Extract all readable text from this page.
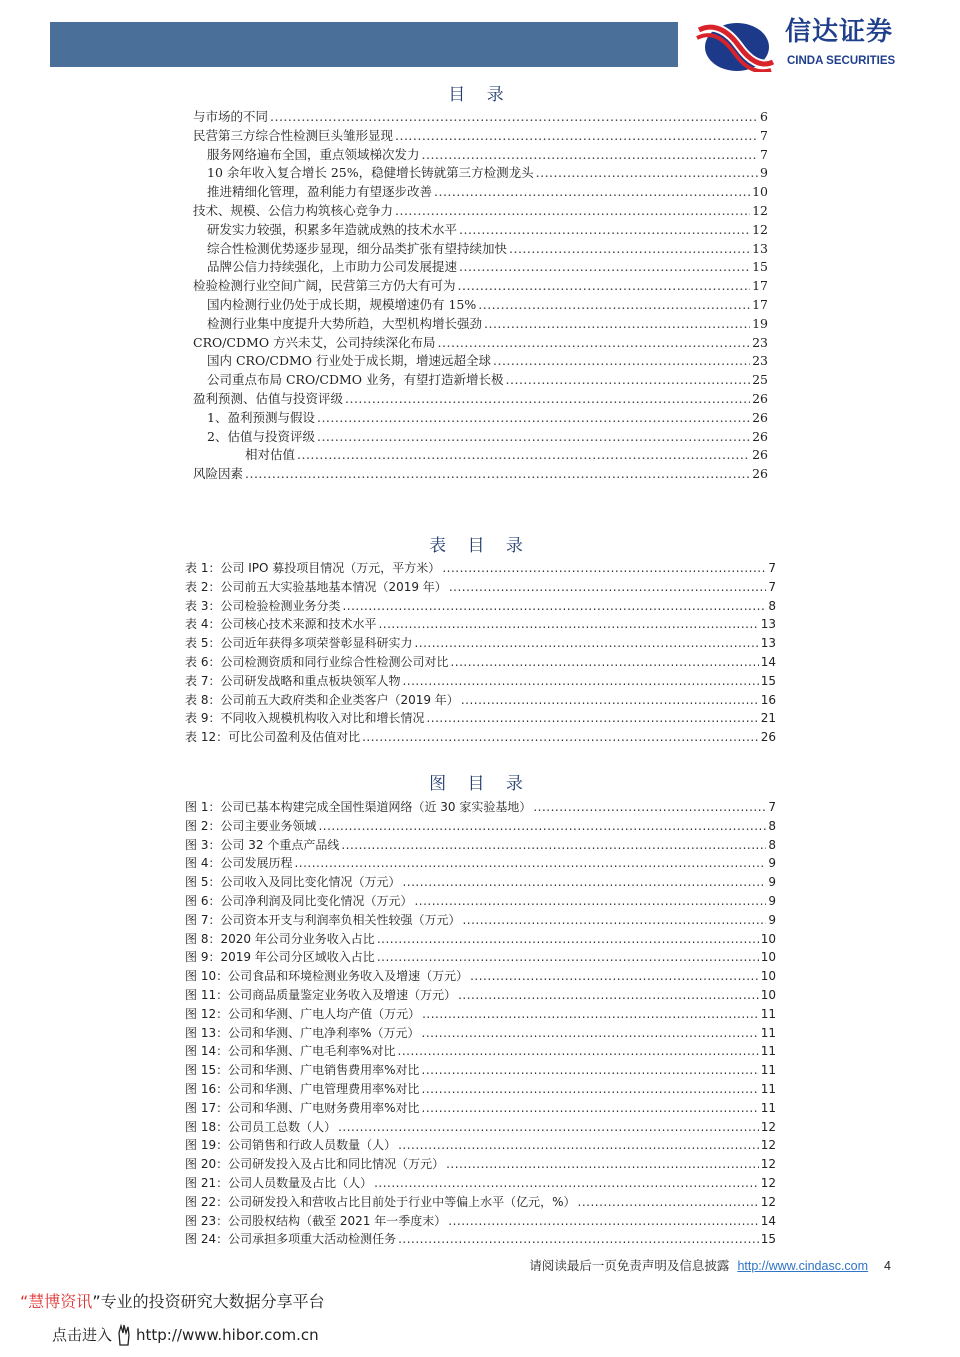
信达证券
CINDA SECURITIES
目 录
与市场的不同 .....	6
民营第三方综合性检测巨头雏形显现 .....	7
服务网络遍布全国，重点领域梯次发力 .....	7
10 余年收入复合增长 25%，稳健增长铸就第三方检测龙头 .....	9
推进精细化管理，盈利能力有望逐步改善 .....	10
技术、规模、公信力构筑核心竞争力 .....	12
研发实力较强，积累多年造就成熟的技术水平 .....	12
综合性检测优势逐步显现，细分品类扩张有望持续加快 .....	13
品牌公信力持续强化，上市助力公司发展提速 .....	15
检验检测行业空间广阔，民营第三方仍大有可为 .....	17
国内检测行业仍处于成长期，规模增速仍有 15% .....	17
检测行业集中度提升大势所趋，大型机构增长强劲 .....	19
CRO/CDMO 方兴未艾，公司持续深化布局 .....	23
国内 CRO/CDMO 行业处于成长期，增速远超全球 .....	23
公司重点布局 CRO/CDMO 业务，有望打造新增长极 .....	25
盈利预测、估值与投资评级 .....	26
1、盈利预测与假设 .....	26
2、估值与投资评级 .....	26
相对估值 .....	26
风险因素 .....	26
表 目 录
表 1：公司 IPO 募投项目情况（万元，平方米） .....	7
表 2：公司前五大实验基地基本情况（2019 年） .....	7
表 3：公司检验检测业务分类 .....	8
表 4：公司核心技术来源和技术水平 .....	13
表 5：公司近年获得多项荣誉彰显科研实力 .....	13
表 6：公司检测资质和同行业综合性检测公司对比 .....	14
表 7：公司研发战略和重点板块领军人物 .....	15
表 8：公司前五大政府类和企业类客户（2019 年） .....	16
表 9：不同收入规模机构收入对比和增长情况 .....	21
表 12：可比公司盈利及估值对比 .....	26
图 目 录
图 1：公司已基本构建完成全国性渠道网络（近 30 家实验基地） .....	7
图 2：公司主要业务领域 .....	8
图 3：公司 32 个重点产品线 .....	8
图 4：公司发展历程 .....	9
图 5：公司收入及同比变化情况（万元） .....	9
图 6：公司净利润及同比变化情况（万元） .....	9
图 7：公司资本开支与利润率负相关性较强（万元） .....	9
图 8：2020 年公司分业务收入占比 .....	10
图 9：2019 年公司分区域收入占比 .....	10
图 10：公司食品和环境检测业务收入及增速（万元） .....	10
图 11：公司商品质量鉴定业务收入及增速（万元） .....	10
图 12：公司和华测、广电人均产值（万元） .....	11
图 13：公司和华测、广电净利率%（万元） .....	11
图 14：公司和华测、广电毛利率%对比 .....	11
图 15：公司和华测、广电销售费用率%对比 .....	11
图 16：公司和华测、广电管理费用率%对比 .....	11
图 17：公司和华测、广电财务费用率%对比 .....	11
图 18：公司员工总数（人） .....	12
图 19：公司销售和行政人员数量（人） .....	12
图 20：公司研发投入及占比和同比情况（万元） .....	12
图 21：公司人员数量及占比（人） .....	12
图 22：公司研发投入和营收占比目前处于行业中等偏上水平（亿元，%） .....	12
图 23：公司股权结构（截至 2021 年一季度末） .....	14
图 24：公司承担多项重大活动检测任务 .....	15
请阅读最后一页免责声明及信息披露 http://www.cindasc.com 4
“慧博资讯”专业的投资研究大数据分享平台
点击进入 http://www.hibor.com.cn
